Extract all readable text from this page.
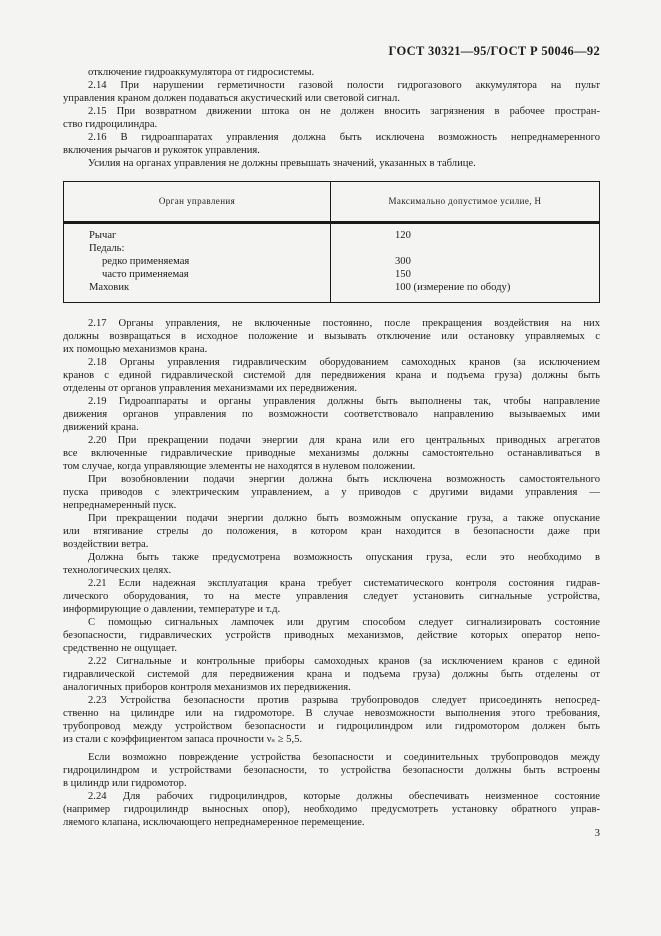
ГОСТ 30321—95/ГОСТ Р 50046—92
отключение гидроаккумулятора от гидросистемы.
2.14 При нарушении герметичности газовой полости гидрогазового аккумулятора на пульт
управления краном должен подаваться акустический или световой сигнал.
2.15 При возвратном движении штока он не должен вносить загрязнения в рабочее простран-
ство гидроцилиндра.
2.16 В гидроаппаратах управления должна быть исключена возможность непреднамеренного
включения рычагов и рукояток управления.
Усилия на органах управления не должны превышать значений, указанных в таблице.
Орган управления	Максимально допустимое усилие, Н
Рычаг
Педаль:
редко применяемая
часто применяемая
Маховик
120

300
150
100 (измерение по ободу)
2.17 Органы управления, не включенные постоянно, после прекращения воздействия на них
должны возвращаться в исходное положение и вызывать отключение или остановку управляемых с
их помощью механизмов крана.
2.18 Органы управления гидравлическим оборудованием самоходных кранов (за исключением
кранов с единой гидравлической системой для передвижения крана и подъема груза) должны быть
отделены от органов управления механизмами их передвижения.
2.19 Гидроаппараты и органы управления должны быть выполнены так, чтобы направление
движения органов управления по возможности соответствовало направлению вызываемых ими
движений крана.
2.20 При прекращении подачи энергии для крана или его центральных приводных агрегатов
все включенные гидравлические приводные механизмы должны самостоятельно останавливаться в
том случае, когда управляющие элементы не находятся в нулевом положении.
При возобновлении подачи энергии должна быть исключена возможность самостоятельного
пуска приводов с электрическим управлением, а у приводов с другими видами управления —
непреднамеренный пуск.
При прекращении подачи энергии должно быть возможным опускание груза, а также опускание
или втягивание стрелы до положения, в котором кран находится в безопасности даже при
воздействии ветра.
Должна быть также предусмотрена возможность опускания груза, если это необходимо в
технологических целях.
2.21 Если надежная эксплуатация крана требует систематического контроля состояния гидрав-
лического оборудования, то на месте управления следует установить сигнальные устройства,
информирующие о давлении, температуре и т.д.
С помощью сигнальных лампочек или другим способом следует сигнализировать состояние
безопасности, гидравлических устройств приводных механизмов, действие которых оператор непо-
средственно не ощущает.
2.22 Сигнальные и контрольные приборы самоходных кранов (за исключением кранов с единой
гидравлической системой для передвижения крана и подъема груза) должны быть отделены от
аналогичных приборов контроля механизмов их передвижения.
2.23 Устройства безопасности против разрыва трубопроводов следует присоединять непосред-
ственно на цилиндре или на гидромоторе. В случае невозможности выполнения этого требования,
трубопровод между устройством безопасности и гидроцилиндром или гидромотором должен быть
из стали с коэффициентом запаса прочности νₛ ≥ 5,5.
Если возможно повреждение устройства безопасности и соединительных трубопроводов между
гидроцилиндром и устройствами безопасности, то устройства безопасности должны быть встроены
в цилиндр или гидромотор.
2.24 Для рабочих гидроцилиндров, которые должны обеспечивать неизменное состояние
(например гидроцилиндр выносных опор), необходимо предусмотреть установку обратного управ-
ляемого клапана, исключающего непреднамеренное перемещение.
3
